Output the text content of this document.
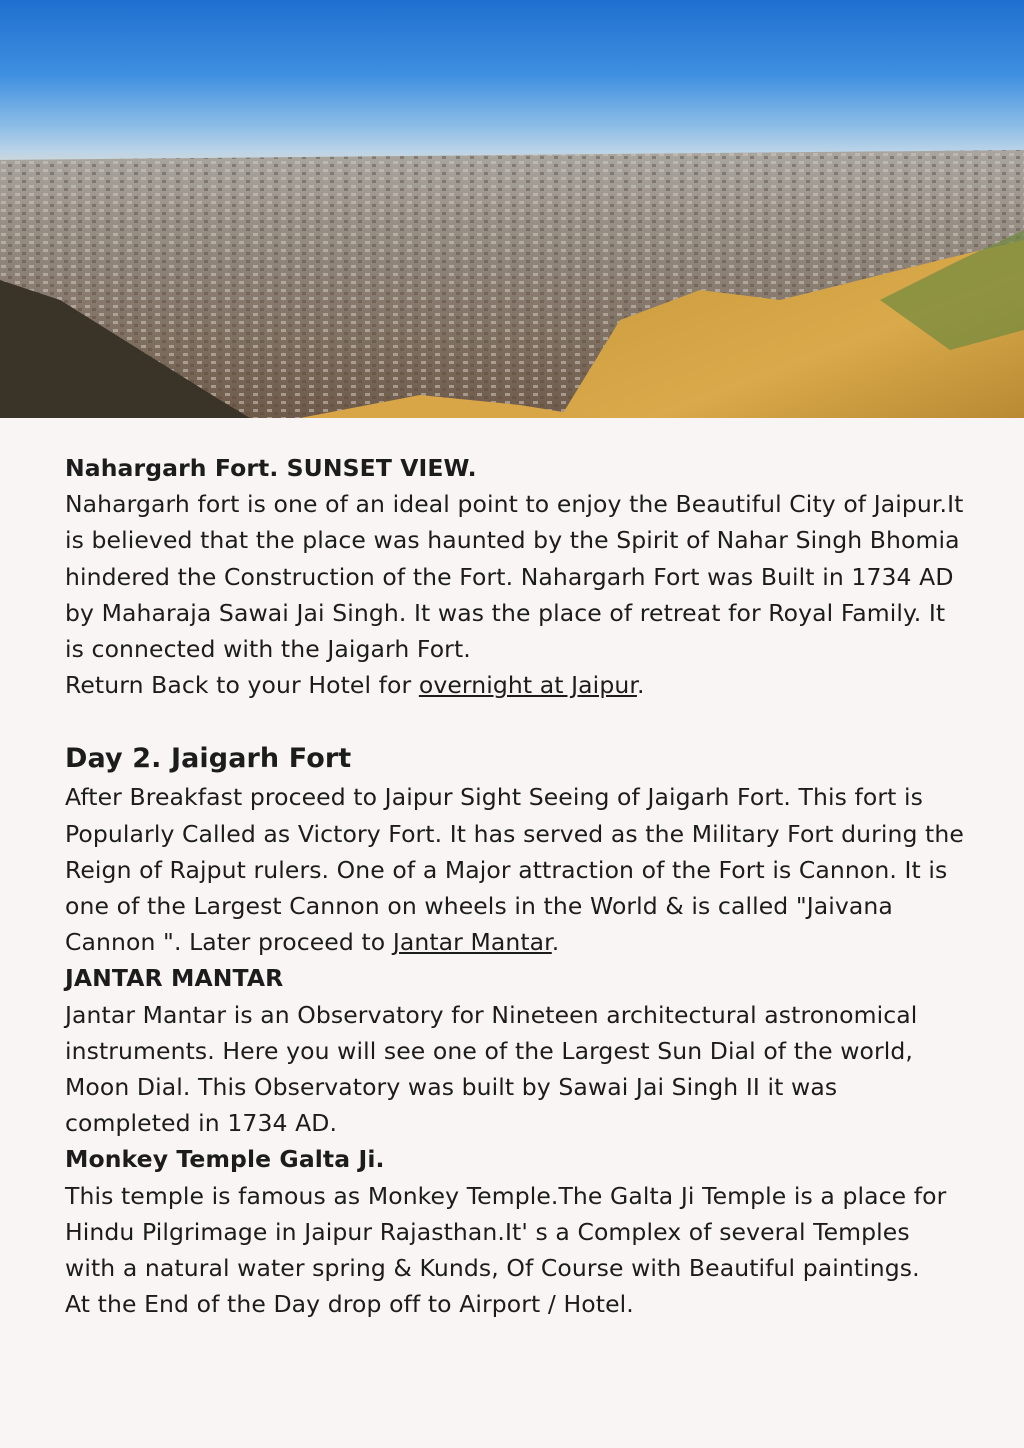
Nahargarh Fort. SUNSET VIEW.

Nahargarh fort is one of an ideal point to enjoy the Beautiful City of Jaipur.It is believed that the place was haunted by the Spirit of Nahar Singh Bhomia hindered the Construction of the Fort. Nahargarh Fort was Built in 1734 AD by Maharaja Sawai Jai Singh. It was the place of retreat for Royal Family. It is connected with the Jaigarh Fort.

Return Back to your Hotel for overnight at Jaipur.

Day 2. Jaigarh Fort

After Breakfast proceed to Jaipur Sight Seeing of Jaigarh Fort. This fort is Popularly Called as Victory Fort. It has served as the Military Fort during the Reign of Rajput rulers. One of a Major attraction of the Fort is Cannon. It is one of the Largest Cannon on wheels in the World & is called "Jaivana Cannon ". Later proceed to Jantar Mantar.

JANTAR MANTAR

Jantar Mantar is an Observatory for Nineteen architectural astronomical instruments. Here you will see one of the Largest Sun Dial of the world, Moon Dial. This Observatory was built by Sawai Jai Singh II it was completed in 1734 AD.

Monkey Temple Galta Ji.

This temple is famous as Monkey Temple.The Galta Ji Temple is a place for Hindu Pilgrimage in Jaipur Rajasthan.It' s a Complex of several Temples with a natural water spring & Kunds, Of Course with Beautiful paintings.

At the End of the Day drop off to Airport / Hotel.
